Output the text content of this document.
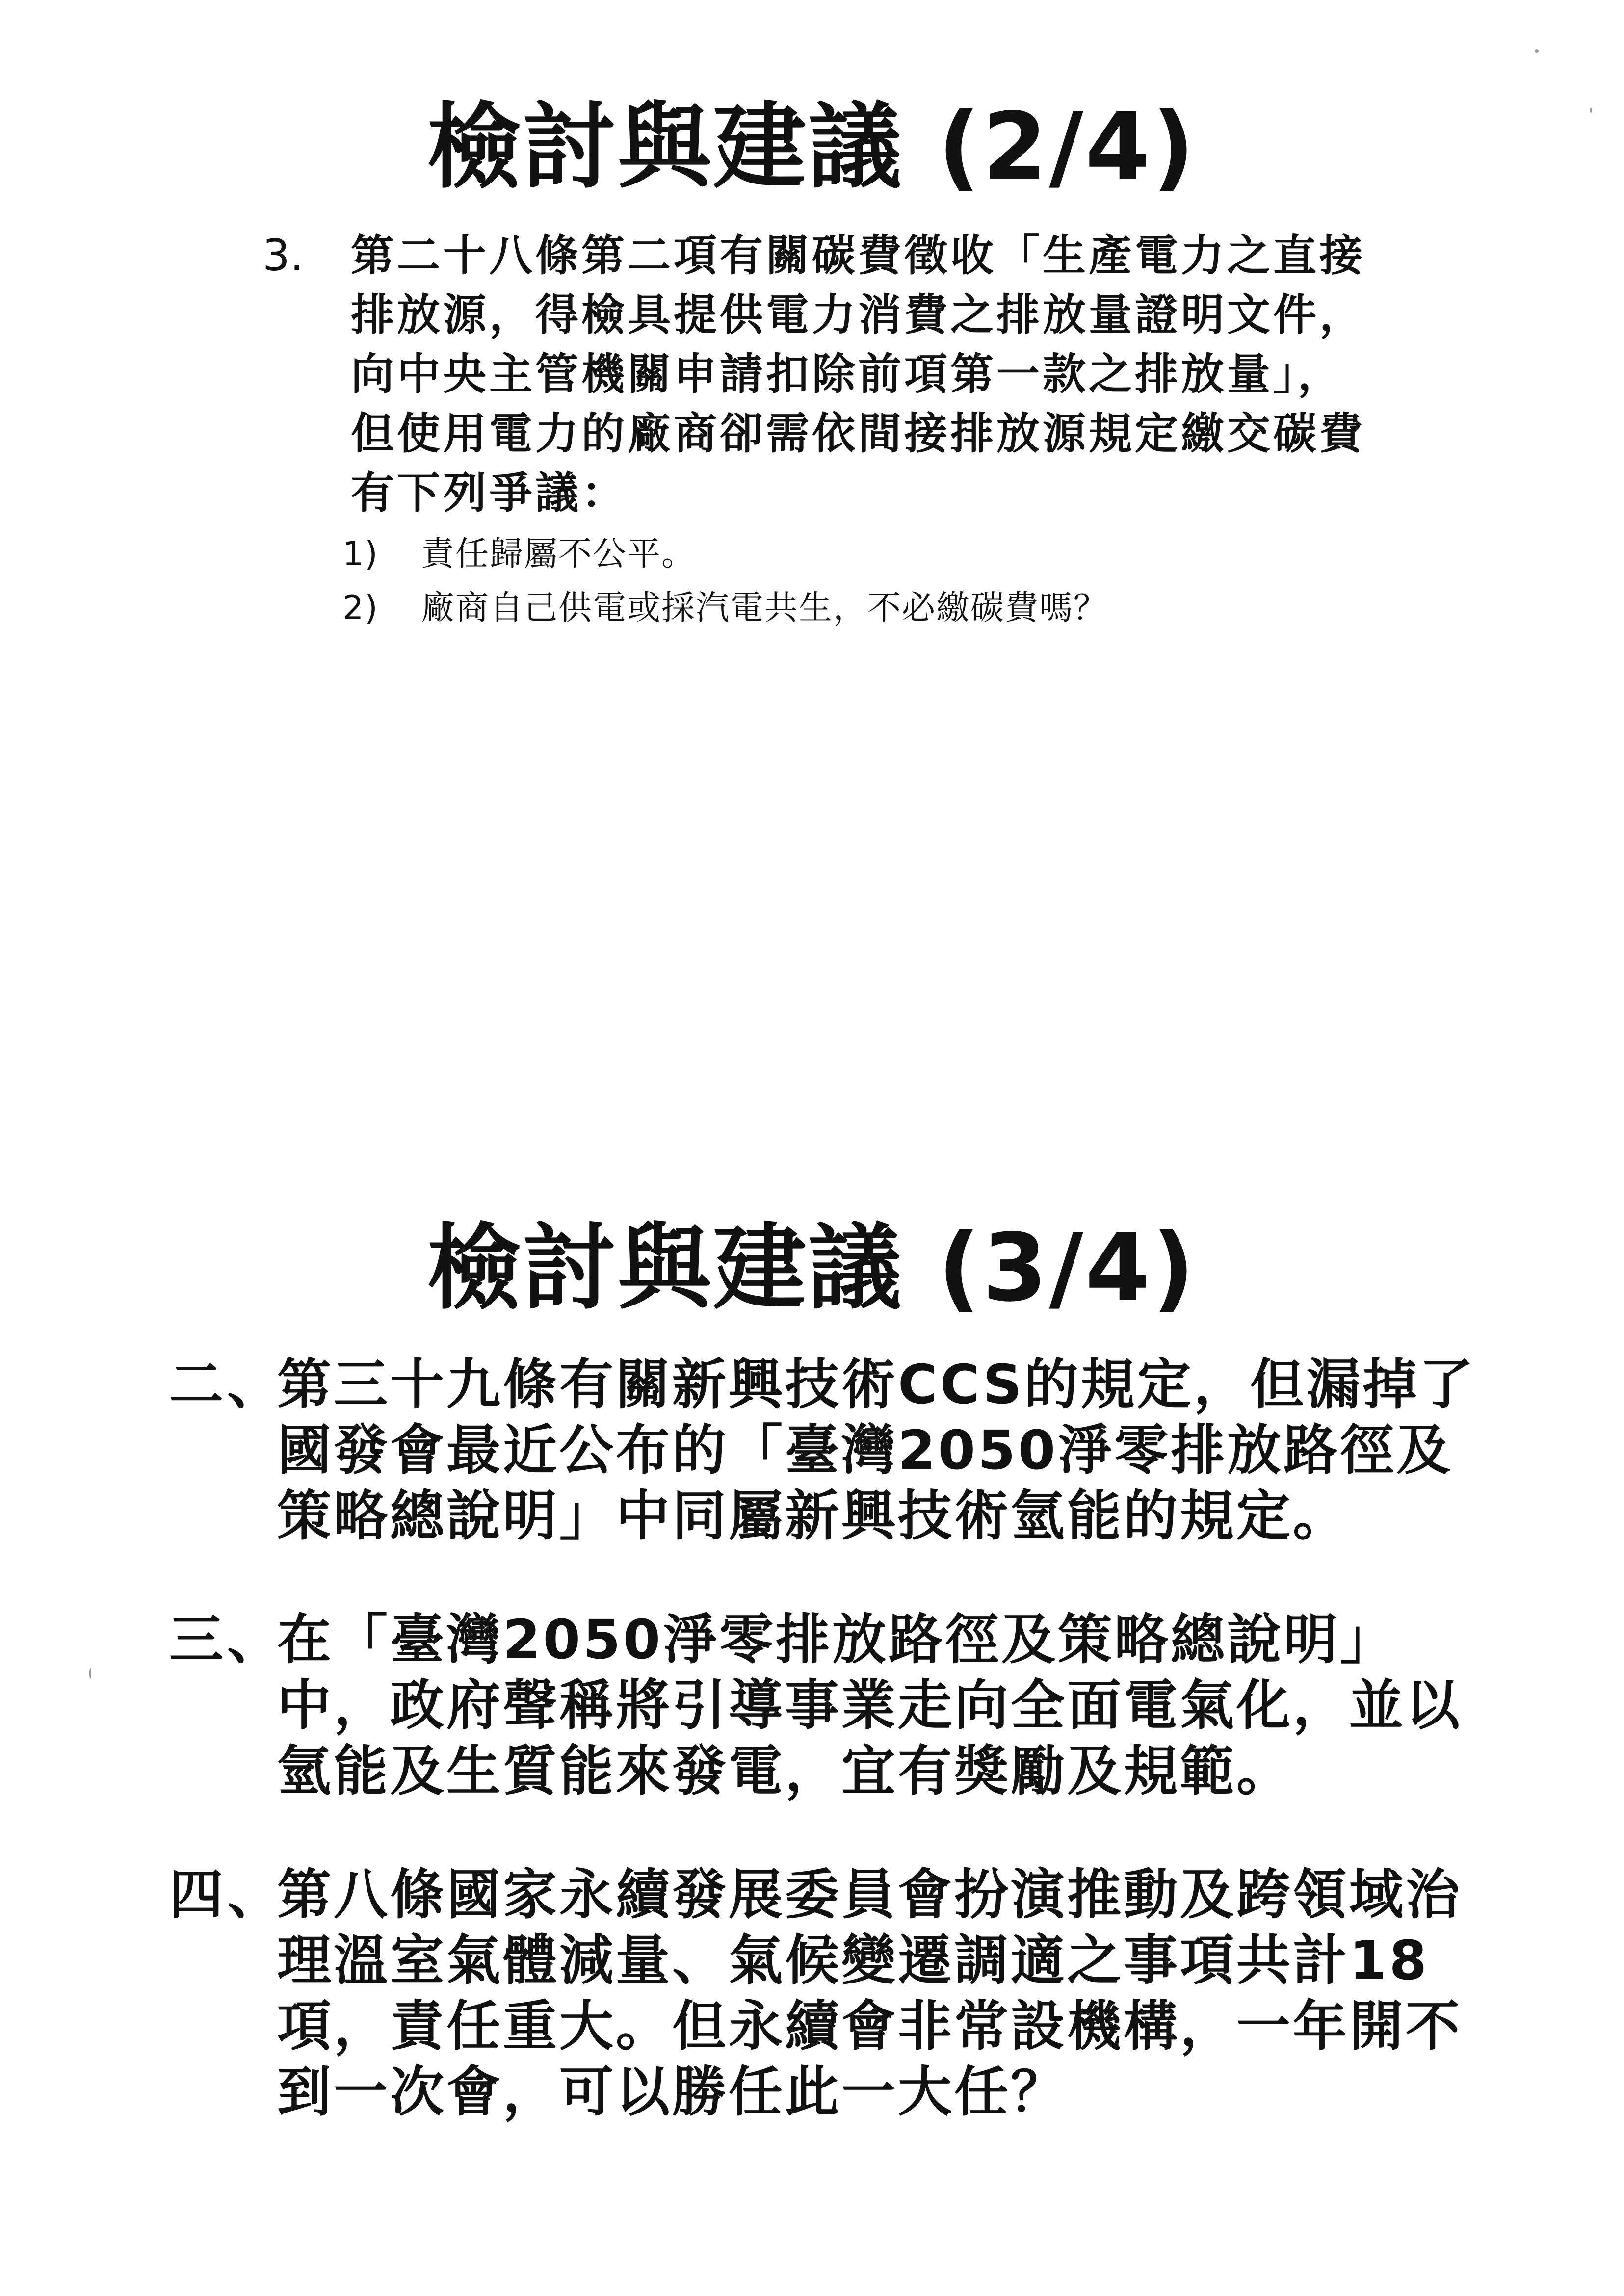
檢討與建議 (2/4)
3. 第二十八條第二項有關碳費徵收「生產電力之直接
排放源，得檢具提供電力消費之排放量證明文件，
向中央主管機關申請扣除前項第一款之排放量」，
但使用電力的廠商卻需依間接排放源規定繳交碳費
有下列爭議：
1) 責任歸屬不公平。
2) 廠商自己供電或採汽電共生，不必繳碳費嗎？
檢討與建議 (3/4)
二、
第三十九條有關新興技術CCS的規定，但漏掉了
國發會最近公布的「臺灣2050淨零排放路徑及
策略總說明」中同屬新興技術氫能的規定。
三、
在「臺灣2050淨零排放路徑及策略總說明」
中，政府聲稱將引導事業走向全面電氣化，並以
氫能及生質能來發電，宜有獎勵及規範。
四、
第八條國家永續發展委員會扮演推動及跨領域治
理溫室氣體減量、氣候變遷調適之事項共計18
項，責任重大。但永續會非常設機構，一年開不
到一次會，可以勝任此一大任？
